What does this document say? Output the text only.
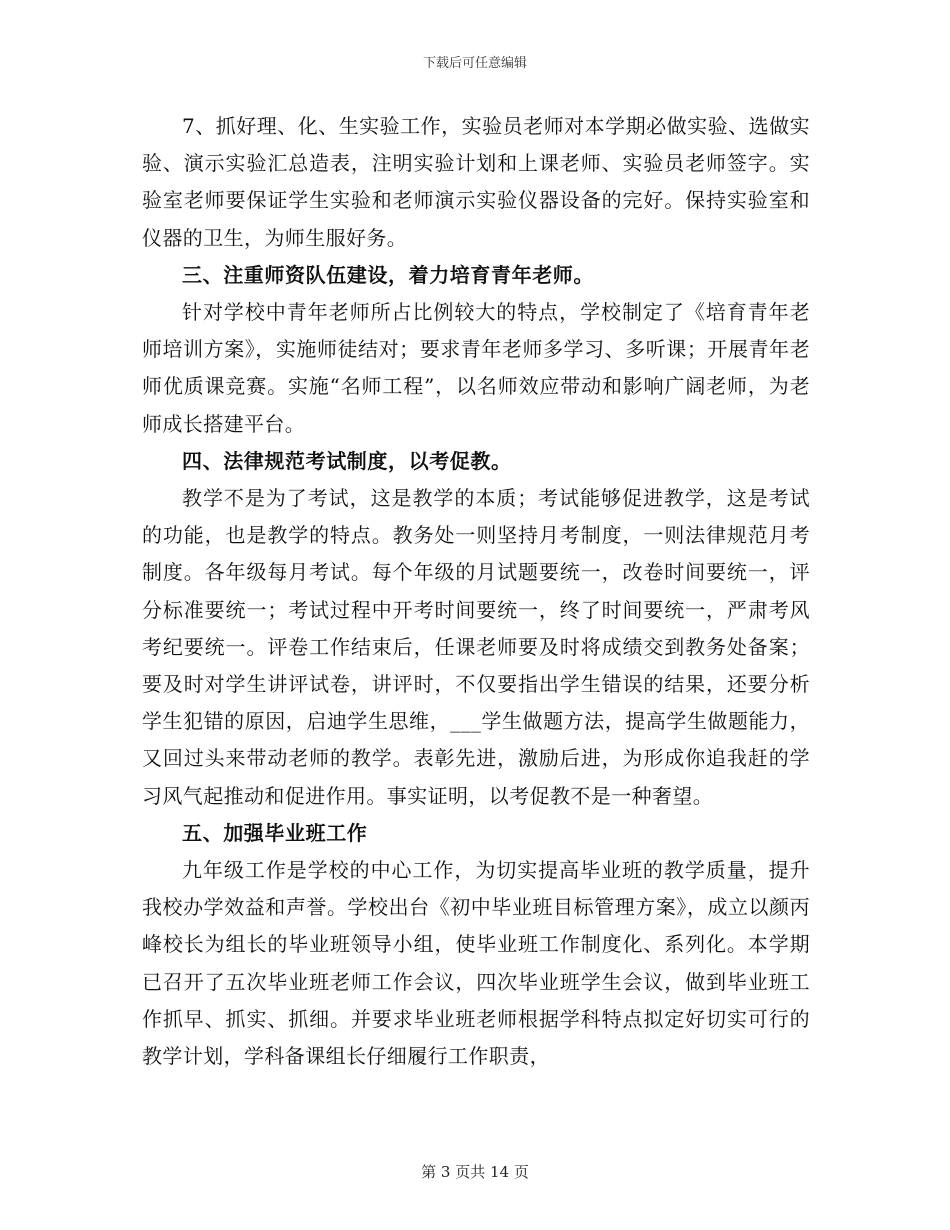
下载后可任意编辑

7、抓好理、化、生实验工作，实验员老师对本学期必做实验、选做实验、演示实验汇总造表，注明实验计划和上课老师、实验员老师签字。实验室老师要保证学生实验和老师演示实验仪器设备的完好。保持实验室和仪器的卫生，为师生服好务。

三、注重师资队伍建设，着力培育青年老师。

针对学校中青年老师所占比例较大的特点，学校制定了《培育青年老师培训方案》，实施师徒结对；要求青年老师多学习、多听课；开展青年老师优质课竞赛。实施“名师工程”，以名师效应带动和影响广阔老师，为老师成长搭建平台。

四、法律规范考试制度，以考促教。

教学不是为了考试，这是教学的本质；考试能够促进教学，这是考试的功能，也是教学的特点。教务处一则坚持月考制度，一则法律规范月考制度。各年级每月考试。每个年级的月试题要统一，改卷时间要统一，评分标准要统一；考试过程中开考时间要统一，终了时间要统一，严肃考风考纪要统一。评卷工作结束后，任课老师要及时将成绩交到教务处备案；要及时对学生讲评试卷，讲评时，不仅要指出学生错误的结果，还要分析学生犯错的原因，启迪学生思维，___学生做题方法，提高学生做题能力，又回过头来带动老师的教学。表彰先进，激励后进，为形成你追我赶的学习风气起推动和促进作用。事实证明，以考促教不是一种奢望。

五、加强毕业班工作

九年级工作是学校的中心工作，为切实提高毕业班的教学质量，提升我校办学效益和声誉。学校出台《初中毕业班目标管理方案》，成立以颜丙峰校长为组长的毕业班领导小组，使毕业班工作制度化、系列化。本学期已召开了五次毕业班老师工作会议，四次毕业班学生会议，做到毕业班工作抓早、抓实、抓细。并要求毕业班老师根据学科特点拟定好切实可行的教学计划，学科备课组长仔细履行工作职责，

第 3 页共 14 页
